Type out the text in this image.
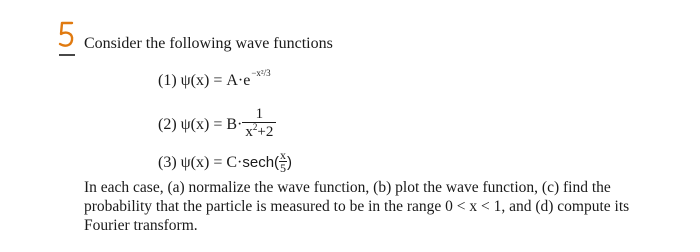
Consider the following wave functions
(1) $\psi(x) = A\cdot e^{-x^2/3}$
(2) $\psi(x) = B\cdot \frac{1}{x^2+2}$
(3) $\psi(x) = C\cdot\sec h( \frac{x}{5}$ )
In each case, (a) normalize the wave function, (b) plot the wave function, (c) find the
probability that the particle is measured to be in the range 0 < x < 1, and (d) compute its
Fourier transform.
